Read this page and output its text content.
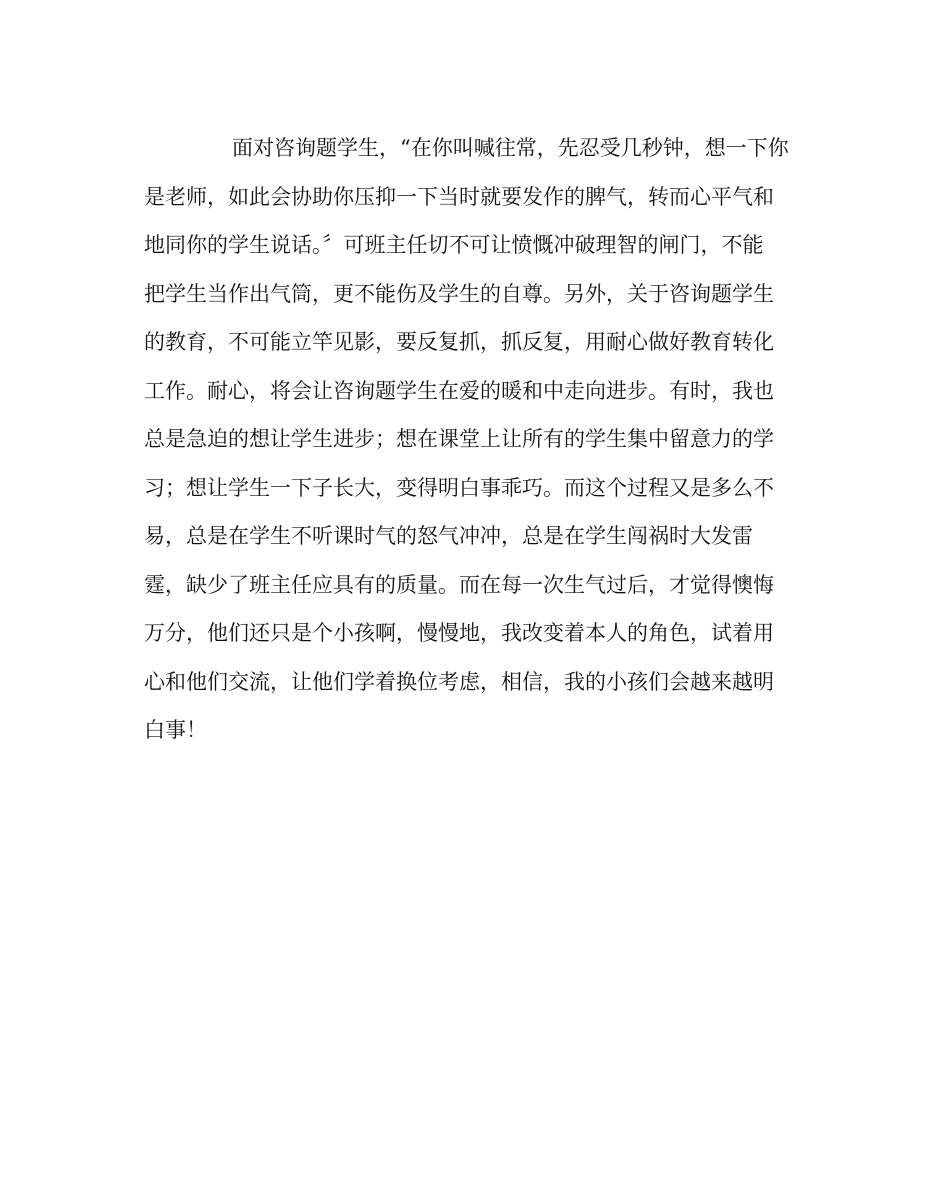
面对咨询题学生，“在你叫喊往常，先忍受几秒钟，想一下你
是老师，如此会协助你压抑一下当时就要发作的脾气，转而心平气和
地同你的学生说话。〞可班主任切不可让愤慨冲破理智的闸门，不能
把学生当作出气筒，更不能伤及学生的自尊。另外，关于咨询题学生
的教育，不可能立竿见影，要反复抓，抓反复，用耐心做好教育转化
工作。耐心，将会让咨询题学生在爱的暖和中走向进步。有时，我也
总是急迫的想让学生进步；想在课堂上让所有的学生集中留意力的学
习；想让学生一下子长大，变得明白事乖巧。而这个过程又是多么不
易，总是在学生不听课时气的怒气冲冲，总是在学生闯祸时大发雷
霆，缺少了班主任应具有的质量。而在每一次生气过后，才觉得懊悔
万分，他们还只是个小孩啊，慢慢地，我改变着本人的角色，试着用
心和他们交流，让他们学着换位考虑，相信，我的小孩们会越来越明
白事！
